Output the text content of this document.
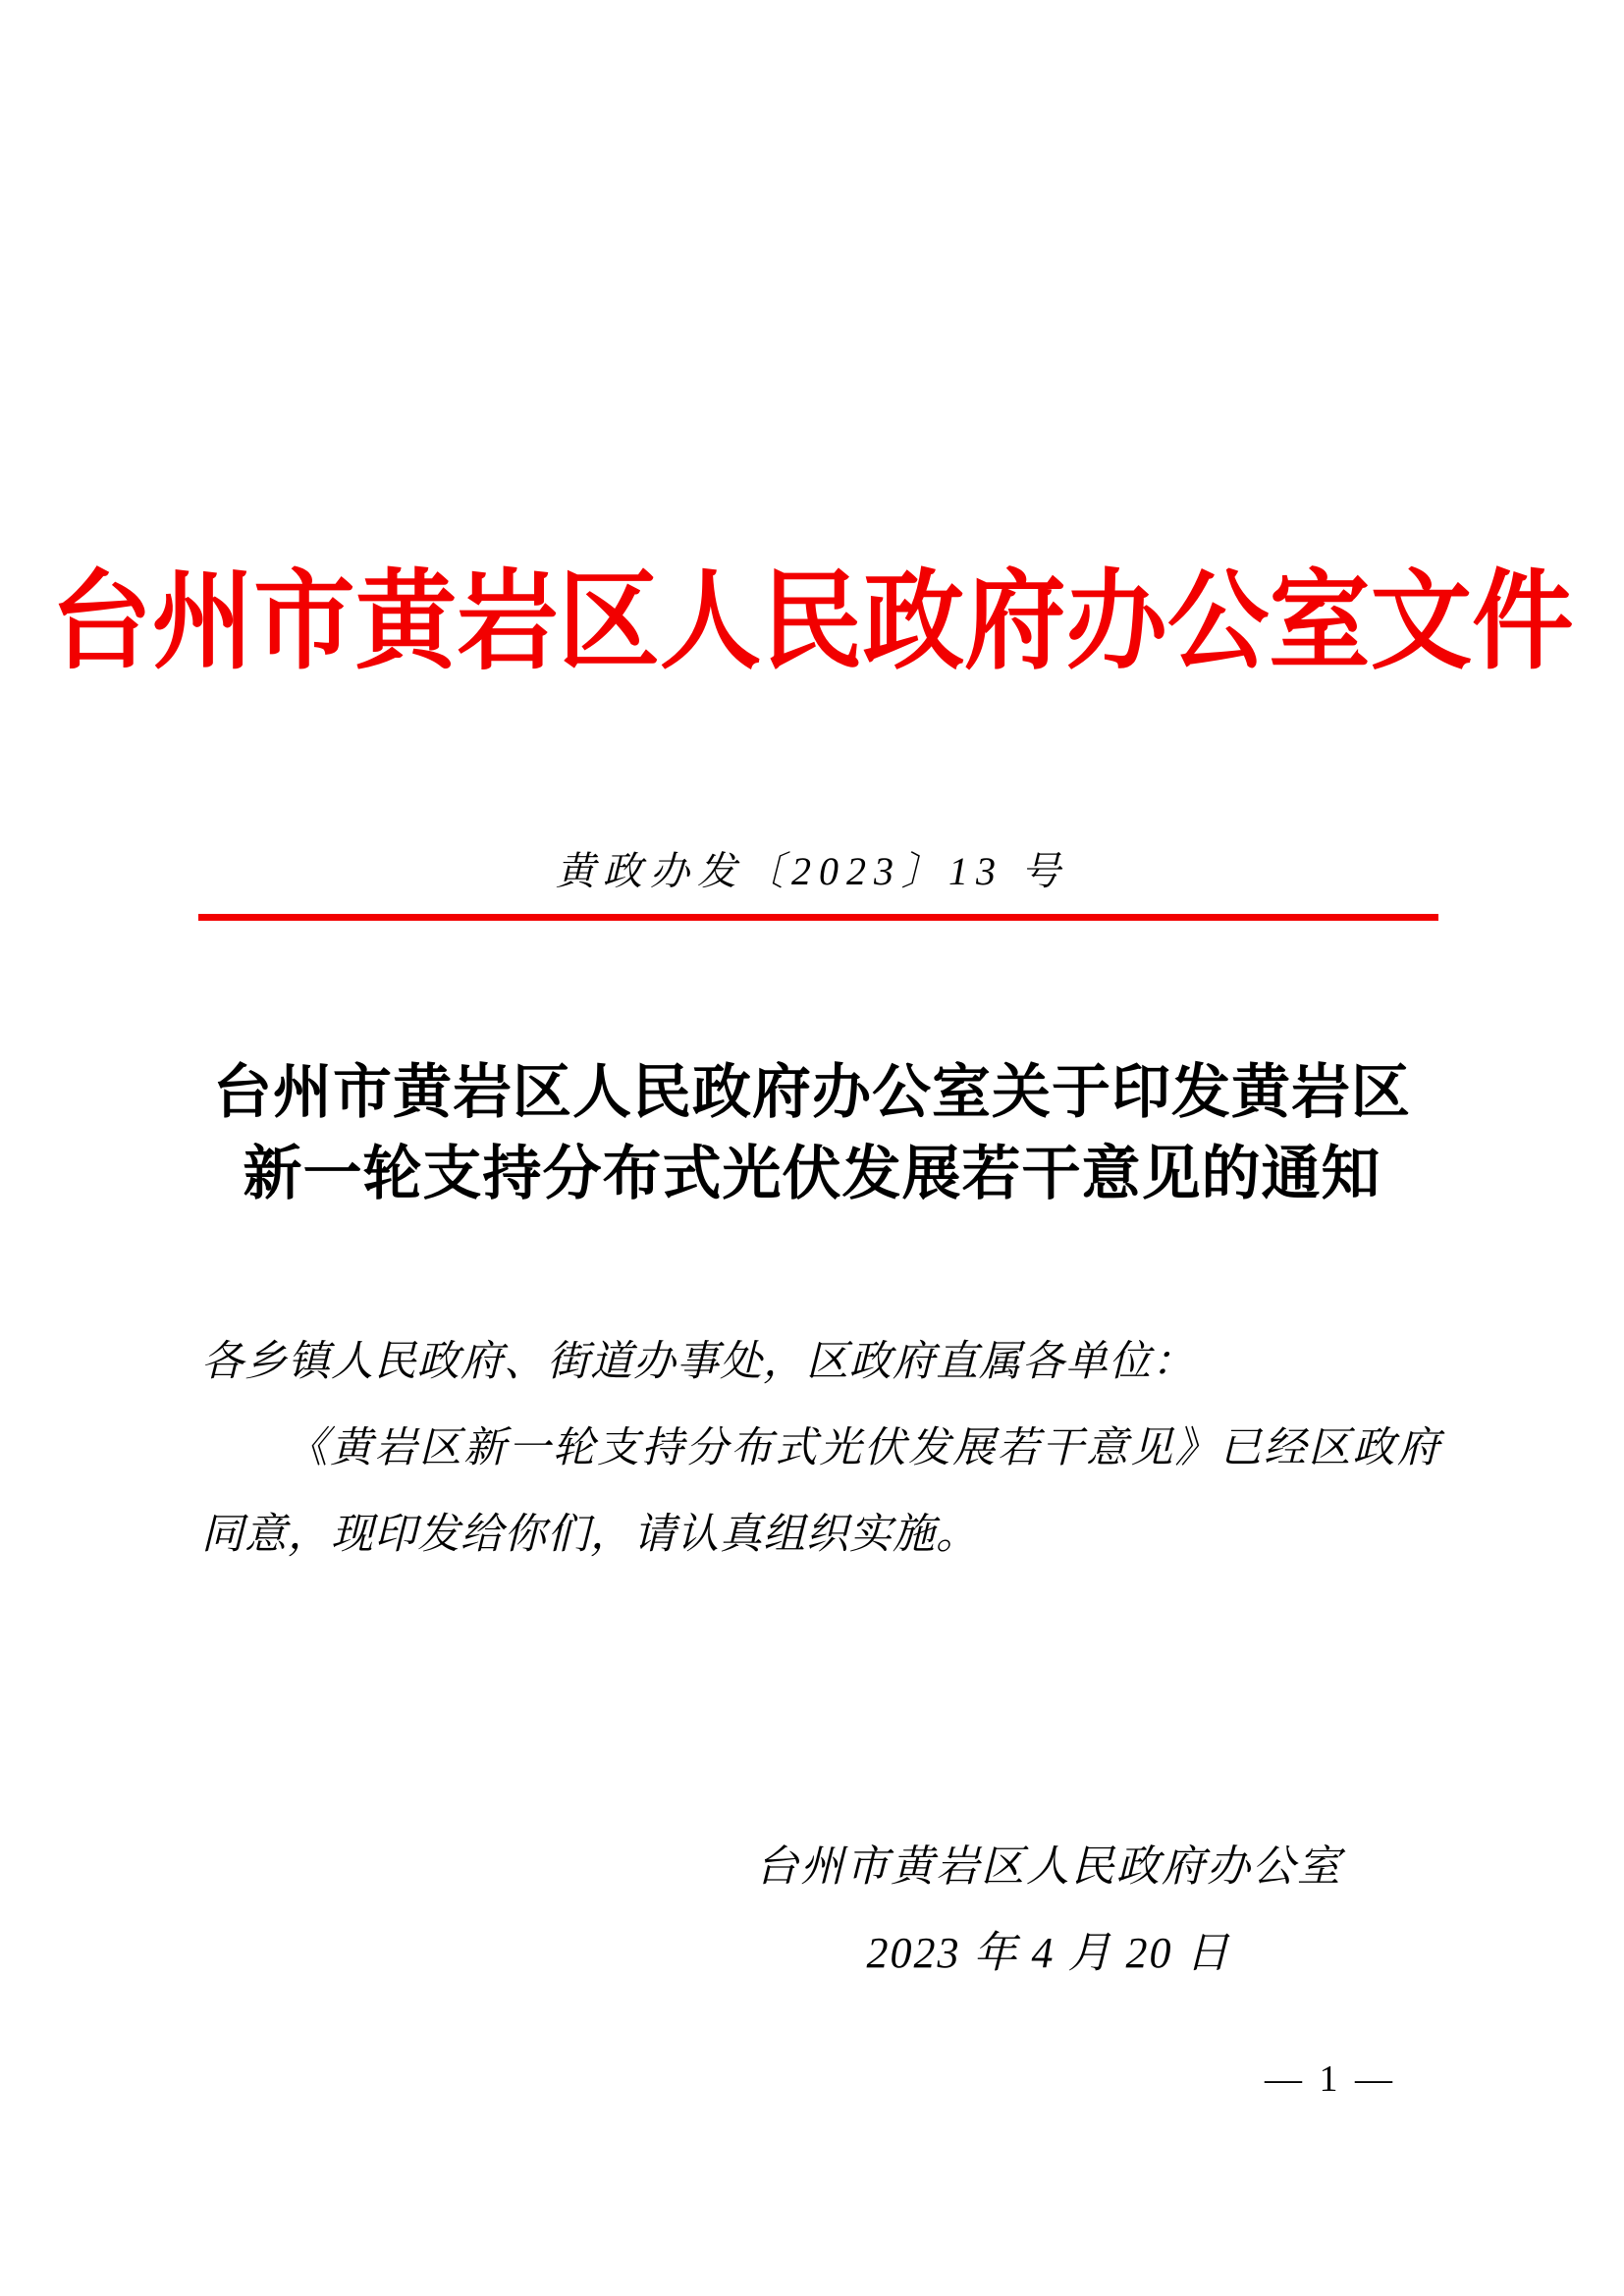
台州市黄岩区人民政府办公室文件
黄政办发〔2023〕13 号
台州市黄岩区人民政府办公室关于印发黄岩区
新一轮支持分布式光伏发展若干意见的通知

各乡镇人民政府、街道办事处，区政府直属各单位：

《黄岩区新一轮支持分布式光伏发展若干意见》已经区政府同意，现印发给你们，请认真组织实施。

台州市黄岩区人民政府办公室
2023 年 4 月 20 日
— 1 —
